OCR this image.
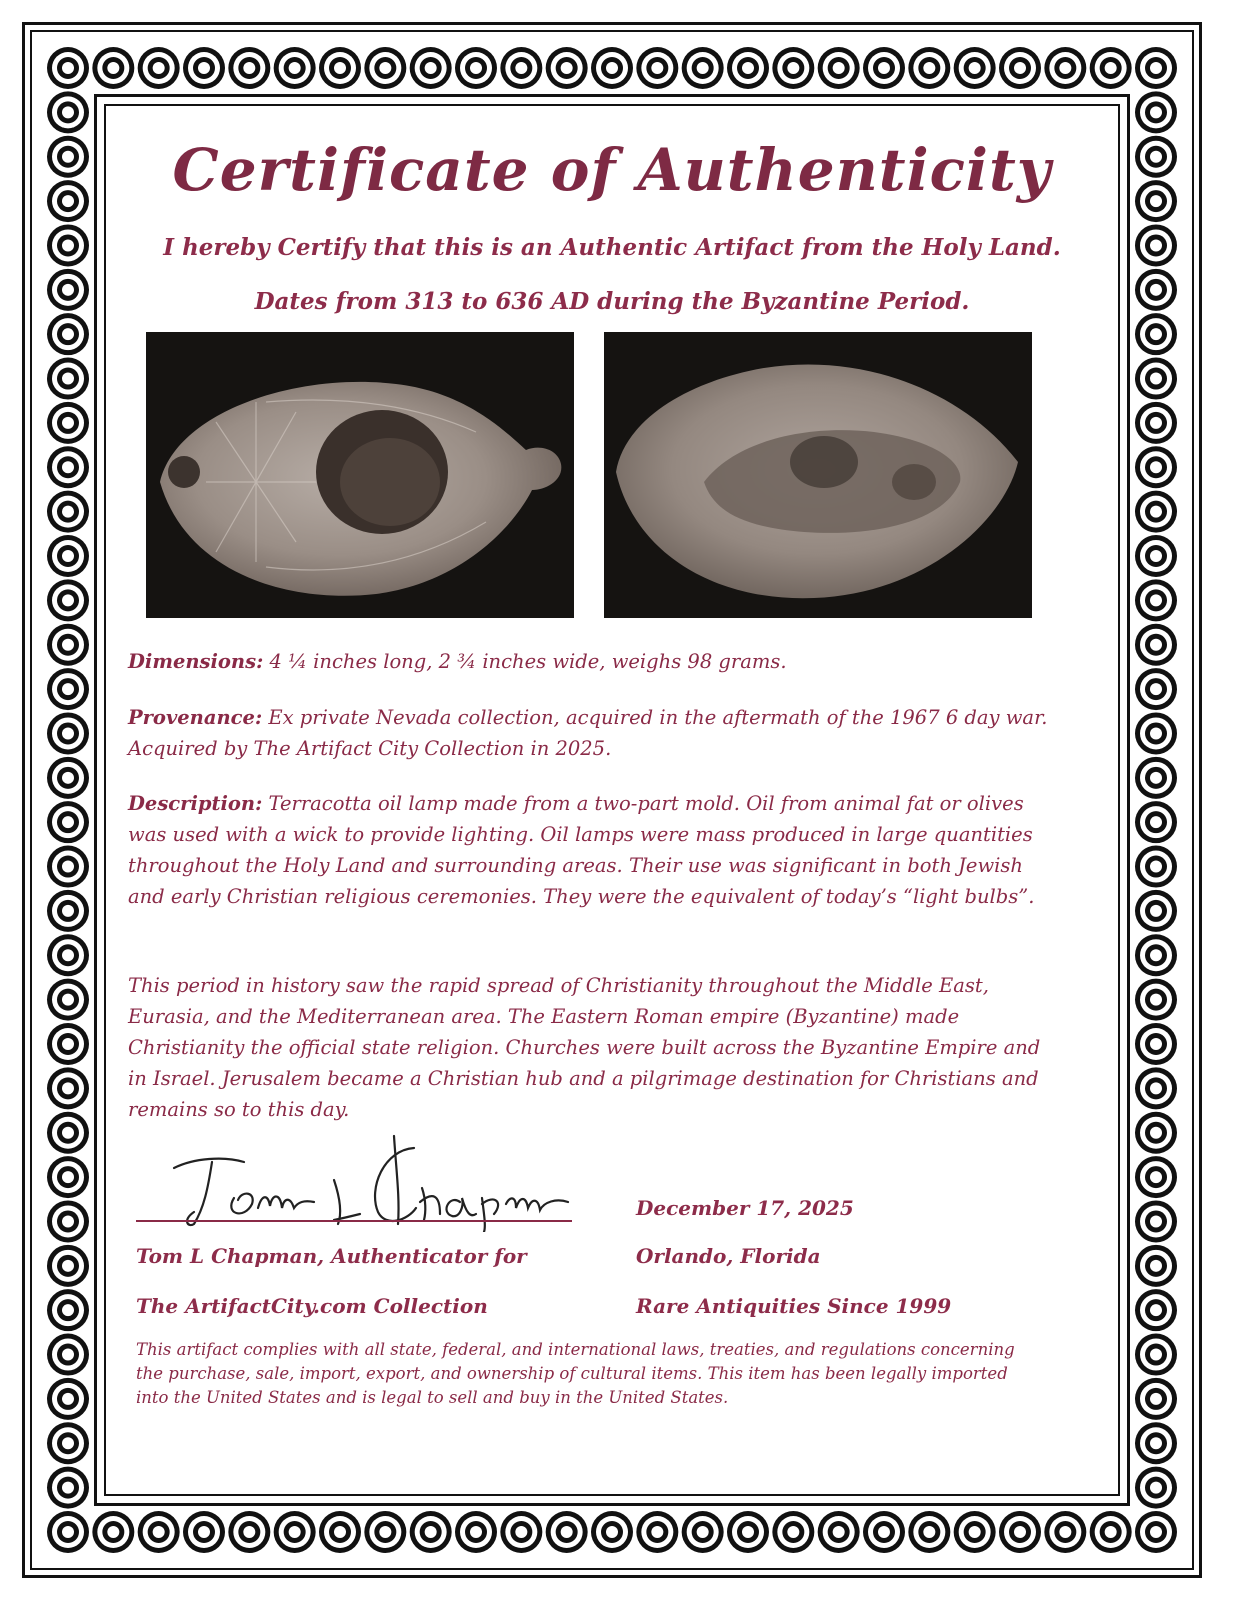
Certificate of Authenticity
I hereby Certify that this is an Authentic Artifact from the Holy Land.
Dates from 313 to 636 AD during the Byzantine Period.
Dimensions: 4 ¼ inches long, 2 ¾ inches wide, weighs 98 grams.
Provenance: Ex private Nevada collection, acquired in the aftermath of the 1967 6 day war. Acquired by The Artifact City Collection in 2025.
Description: Terracotta oil lamp made from a two-part mold. Oil from animal fat or olives was used with a wick to provide lighting. Oil lamps were mass produced in large quantities throughout the Holy Land and surrounding areas. Their use was significant in both Jewish and early Christian religious ceremonies. They were the equivalent of today’s “light bulbs”.
This period in history saw the rapid spread of Christianity throughout the Middle East, Eurasia, and the Mediterranean area. The Eastern Roman empire (Byzantine) made Christianity the official state religion. Churches were built across the Byzantine Empire and in Israel. Jerusalem became a Christian hub and a pilgrimage destination for Christians and remains so to this day.
Tom L Chapman, Authenticator for
The ArtifactCity.com Collection
December 17, 2025
Orlando, Florida
Rare Antiquities Since 1999
This artifact complies with all state, federal, and international laws, treaties, and regulations concerning the purchase, sale, import, export, and ownership of cultural items. This item has been legally imported into the United States and is legal to sell and buy in the United States.
